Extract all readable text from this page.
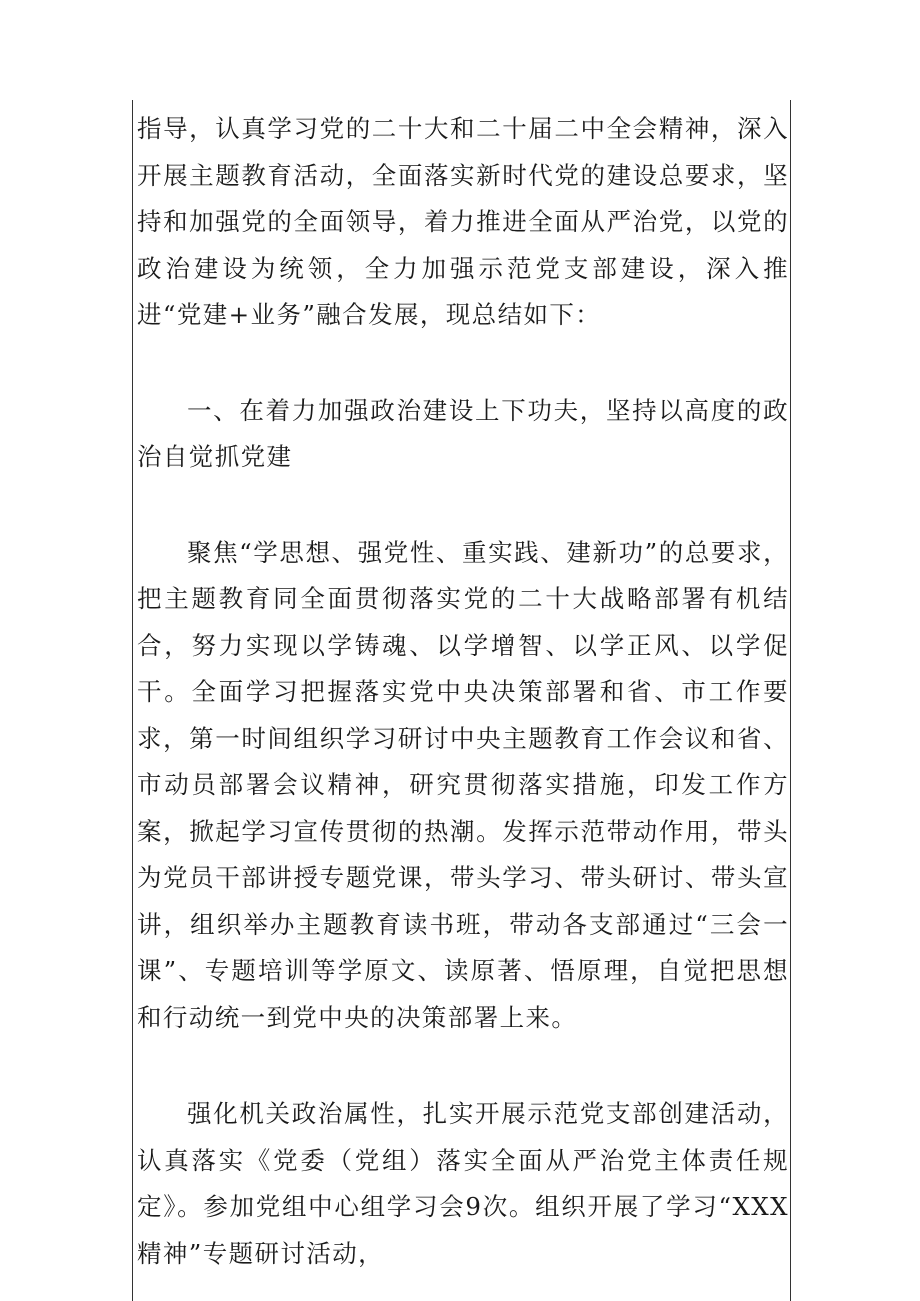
指导，认真学习党的二十大和二十届二中全会精神，深入开展主题教育活动，全面落实新时代党的建设总要求，坚持和加强党的全面领导，着力推进全面从严治党，以党的政治建设为统领，全力加强示范党支部建设，深入推进“党建+业务”融合发展，现总结如下：

一、在着力加强政治建设上下功夫，坚持以高度的政治自觉抓党建

聚焦“学思想、强党性、重实践、建新功”的总要求，把主题教育同全面贯彻落实党的二十大战略部署有机结合，努力实现以学铸魂、以学增智、以学正风、以学促干。全面学习把握落实党中央决策部署和省、市工作要求，第一时间组织学习研讨中央主题教育工作会议和省、市动员部署会议精神，研究贯彻落实措施，印发工作方案，掀起学习宣传贯彻的热潮。发挥示范带动作用，带头为党员干部讲授专题党课，带头学习、带头研讨、带头宣讲，组织举办主题教育读书班，带动各支部通过“三会一课”、专题培训等学原文、读原著、悟原理，自觉把思想和行动统一到党中央的决策部署上来。

强化机关政治属性，扎实开展示范党支部创建活动，认真落实《党委（党组）落实全面从严治党主体责任规定》。参加党组中心组学习会9次。组织开展了学习“XXX精神”专题研讨活动，
